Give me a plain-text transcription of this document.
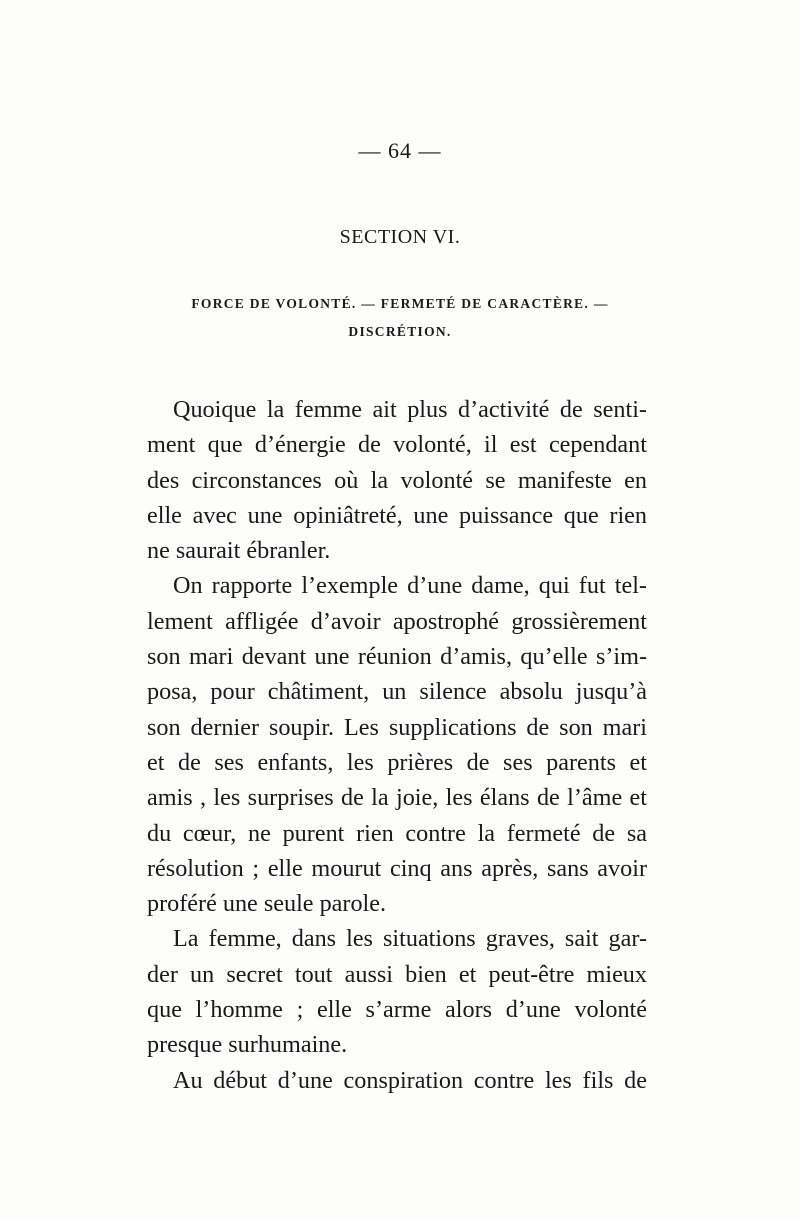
— 64 —
SECTION VI.
FORCE DE VOLONTÉ. — FERMETÉ DE CARACTÈRE. —
DISCRÉTION.

Quoique la femme ait plus d’activité de senti-
ment que d’énergie de volonté, il est cependant
des circonstances où la volonté se manifeste en
elle avec une opiniâtreté, une puissance que rien
ne saurait ébranler.

On rapporte l’exemple d’une dame, qui fut tel-
lement affligée d’avoir apostrophé grossièrement
son mari devant une réunion d’amis, qu’elle s’im-
posa, pour châtiment, un silence absolu jusqu’à
son dernier soupir. Les supplications de son mari
et de ses enfants, les prières de ses parents et
amis , les surprises de la joie, les élans de l’âme et
du cœur, ne purent rien contre la fermeté de sa
résolution ; elle mourut cinq ans après, sans avoir
proféré une seule parole.

La femme, dans les situations graves, sait gar-
der un secret tout aussi bien et peut-être mieux
que l’homme ; elle s’arme alors d’une volonté
presque surhumaine.

Au début d’une conspiration contre les fils de
